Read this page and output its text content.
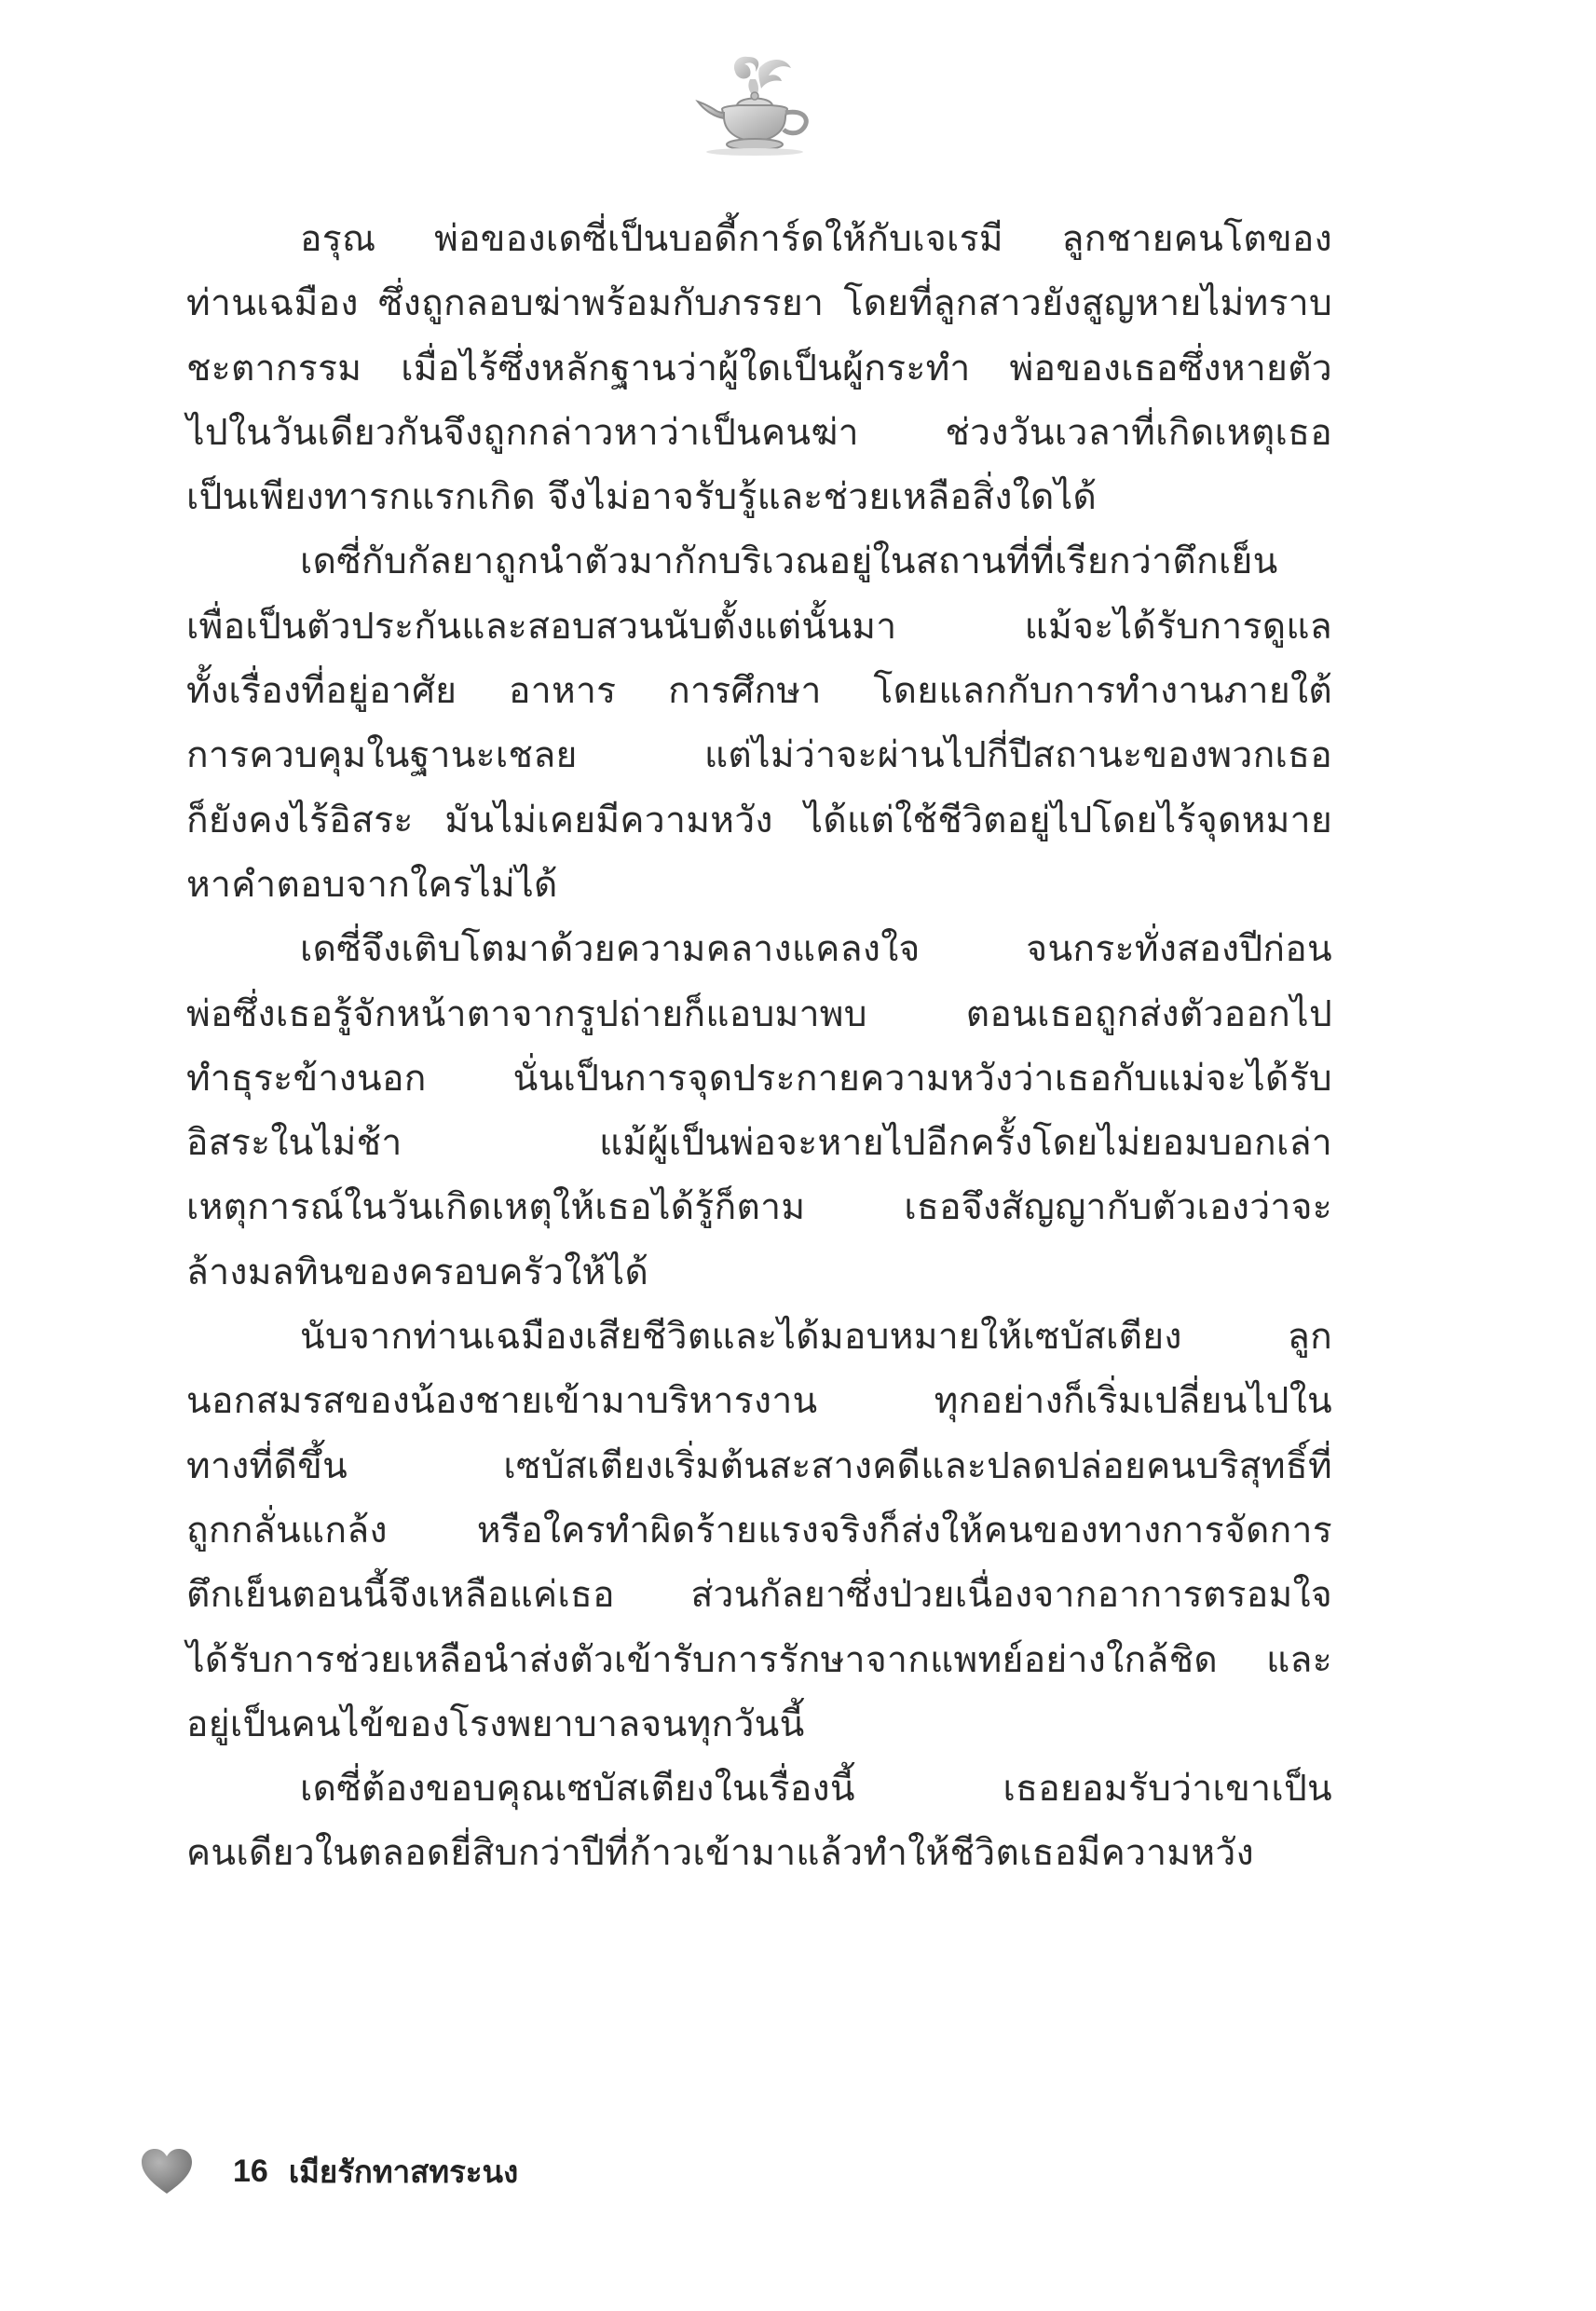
อรุณ พ่อของเดซี่เป็นบอดี้การ์ดให้กับเจเรมี ลูกชายคนโตของ
ท่านเฉมือง ซึ่งถูกลอบฆ่าพร้อมกับภรรยา โดยที่ลูกสาวยังสูญหายไม่ทราบ
ชะตากรรม เมื่อไร้ซึ่งหลักฐานว่าผู้ใดเป็นผู้กระทำ พ่อของเธอซึ่งหายตัว
ไปในวันเดียวกันจึงถูกกล่าวหาว่าเป็นคนฆ่า ช่วงวันเวลาที่เกิดเหตุเธอ
เป็นเพียงทารกแรกเกิด จึงไม่อาจรับรู้และช่วยเหลือสิ่งใดได้
เดซี่กับกัลยาถูกนำตัวมากักบริเวณอยู่ในสถานที่ที่เรียกว่าตึกเย็น
เพื่อเป็นตัวประกันและสอบสวนนับตั้งแต่นั้นมา แม้จะได้รับการดูแล
ทั้งเรื่องที่อยู่อาศัย อาหาร การศึกษา โดยแลกกับการทำงานภายใต้
การควบคุมในฐานะเชลย แต่ไม่ว่าจะผ่านไปกี่ปีสถานะของพวกเธอ
ก็ยังคงไร้อิสระ มันไม่เคยมีความหวัง ได้แต่ใช้ชีวิตอยู่ไปโดยไร้จุดหมาย
หาคำตอบจากใครไม่ได้
เดซี่จึงเติบโตมาด้วยความคลางแคลงใจ จนกระทั่งสองปีก่อน
พ่อซึ่งเธอรู้จักหน้าตาจากรูปถ่ายก็แอบมาพบ ตอนเธอถูกส่งตัวออกไป
ทำธุระข้างนอก นั่นเป็นการจุดประกายความหวังว่าเธอกับแม่จะได้รับ
อิสระในไม่ช้า แม้ผู้เป็นพ่อจะหายไปอีกครั้งโดยไม่ยอมบอกเล่า
เหตุการณ์ในวันเกิดเหตุให้เธอได้รู้ก็ตาม เธอจึงสัญญากับตัวเองว่าจะ
ล้างมลทินของครอบครัวให้ได้
นับจากท่านเฉมืองเสียชีวิตและได้มอบหมายให้เซบัสเตียง ลูก
นอกสมรสของน้องชายเข้ามาบริหารงาน ทุกอย่างก็เริ่มเปลี่ยนไปใน
ทางที่ดีขึ้น เซบัสเตียงเริ่มต้นสะสางคดีและปลดปล่อยคนบริสุทธิ์ที่
ถูกกลั่นแกล้ง หรือใครทำผิดร้ายแรงจริงก็ส่งให้คนของทางการจัดการ
ตึกเย็นตอนนี้จึงเหลือแค่เธอ ส่วนกัลยาซึ่งป่วยเนื่องจากอาการตรอมใจ
ได้รับการช่วยเหลือนำส่งตัวเข้ารับการรักษาจากแพทย์อย่างใกล้ชิด และ
อยู่เป็นคนไข้ของโรงพยาบาลจนทุกวันนี้
เดซี่ต้องขอบคุณเซบัสเตียงในเรื่องนี้ เธอยอมรับว่าเขาเป็น
คนเดียวในตลอดยี่สิบกว่าปีที่ก้าวเข้ามาแล้วทำให้ชีวิตเธอมีความหวัง
16 เมียรักทาสทระนง
